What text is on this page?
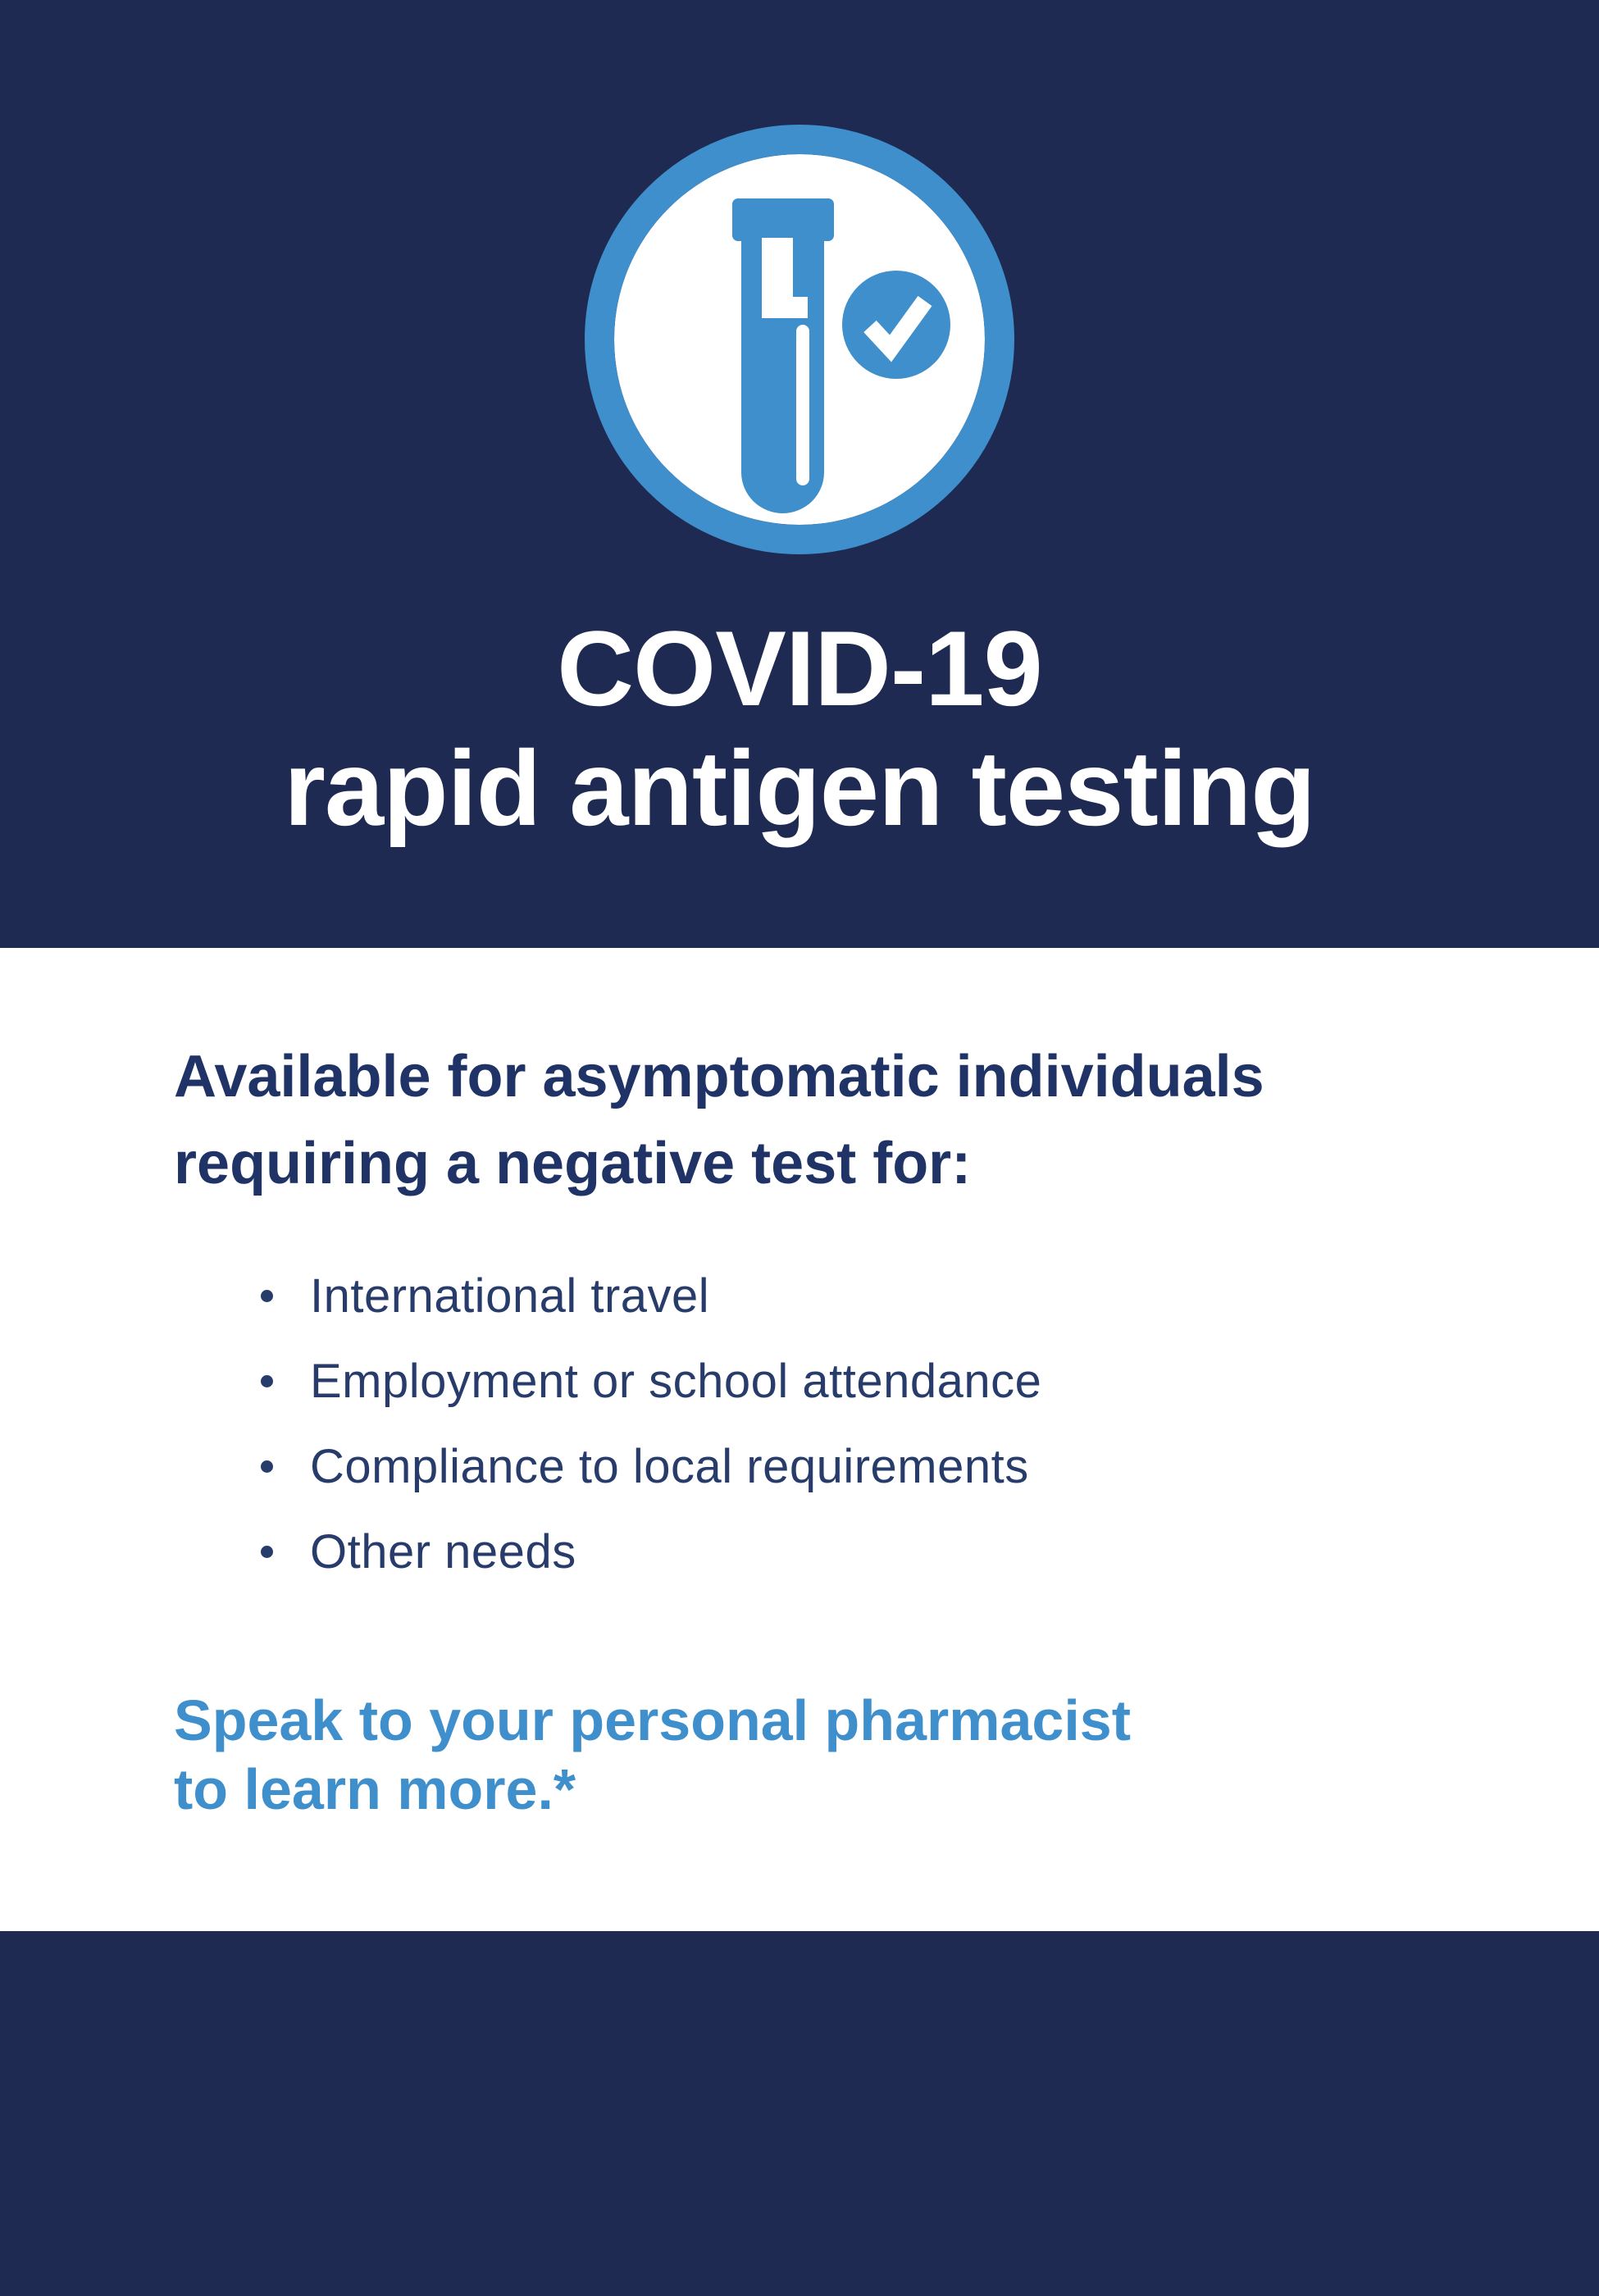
COVID-19
rapid antigen testing
Available for asymptomatic individuals
requiring a negative test for:
International travel
Employment or school attendance
Compliance to local requirements
Other needs
Speak to your personal pharmacist
to learn more.*
